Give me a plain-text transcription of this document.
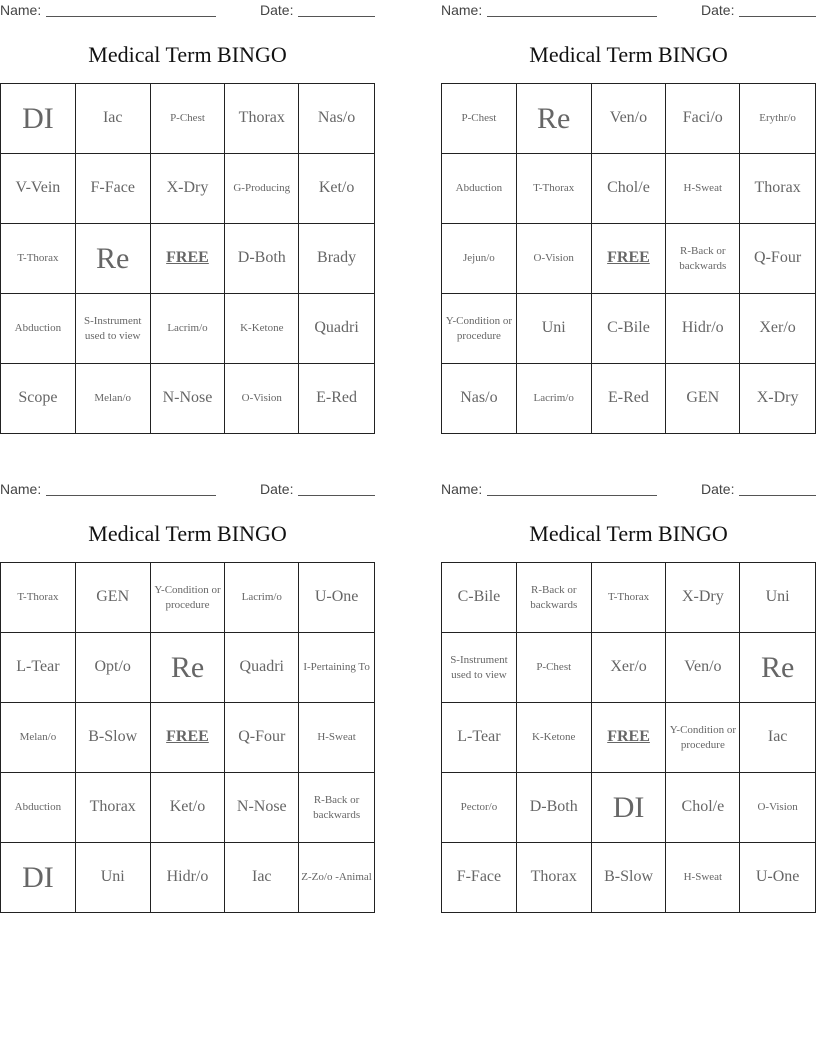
Name:	Date:
Medical Term BINGO
DI	Iac	P-Chest	Thorax	Nas/o
V-Vein	F-Face	X-Dry	G-Producing	Ket/o
T-Thorax	Re	FREE	D-Both	Brady
Abduction	S-Instrument used to view	Lacrim/o	K-Ketone	Quadri
Scope	Melan/o	N-Nose	O-Vision	E-Red
Name:	Date:
Medical Term BINGO
P-Chest	Re	Ven/o	Faci/o	Erythr/o
Abduction	T-Thorax	Chol/e	H-Sweat	Thorax
Jejun/o	O-Vision	FREE	R-Back or backwards	Q-Four
Y-Condition or procedure	Uni	C-Bile	Hidr/o	Xer/o
Nas/o	Lacrim/o	E-Red	GEN	X-Dry
Name:	Date:
Medical Term BINGO
T-Thorax	GEN	Y-Condition or procedure	Lacrim/o	U-One
L-Tear	Opt/o	Re	Quadri	I-Pertaining To
Melan/o	B-Slow	FREE	Q-Four	H-Sweat
Abduction	Thorax	Ket/o	N-Nose	R-Back or backwards
DI	Uni	Hidr/o	Iac	Z-Zo/o -Animal
Name:	Date:
Medical Term BINGO
C-Bile	R-Back or backwards	T-Thorax	X-Dry	Uni
S-Instrument used to view	P-Chest	Xer/o	Ven/o	Re
L-Tear	K-Ketone	FREE	Y-Condition or procedure	Iac
Pector/o	D-Both	DI	Chol/e	O-Vision
F-Face	Thorax	B-Slow	H-Sweat	U-One
